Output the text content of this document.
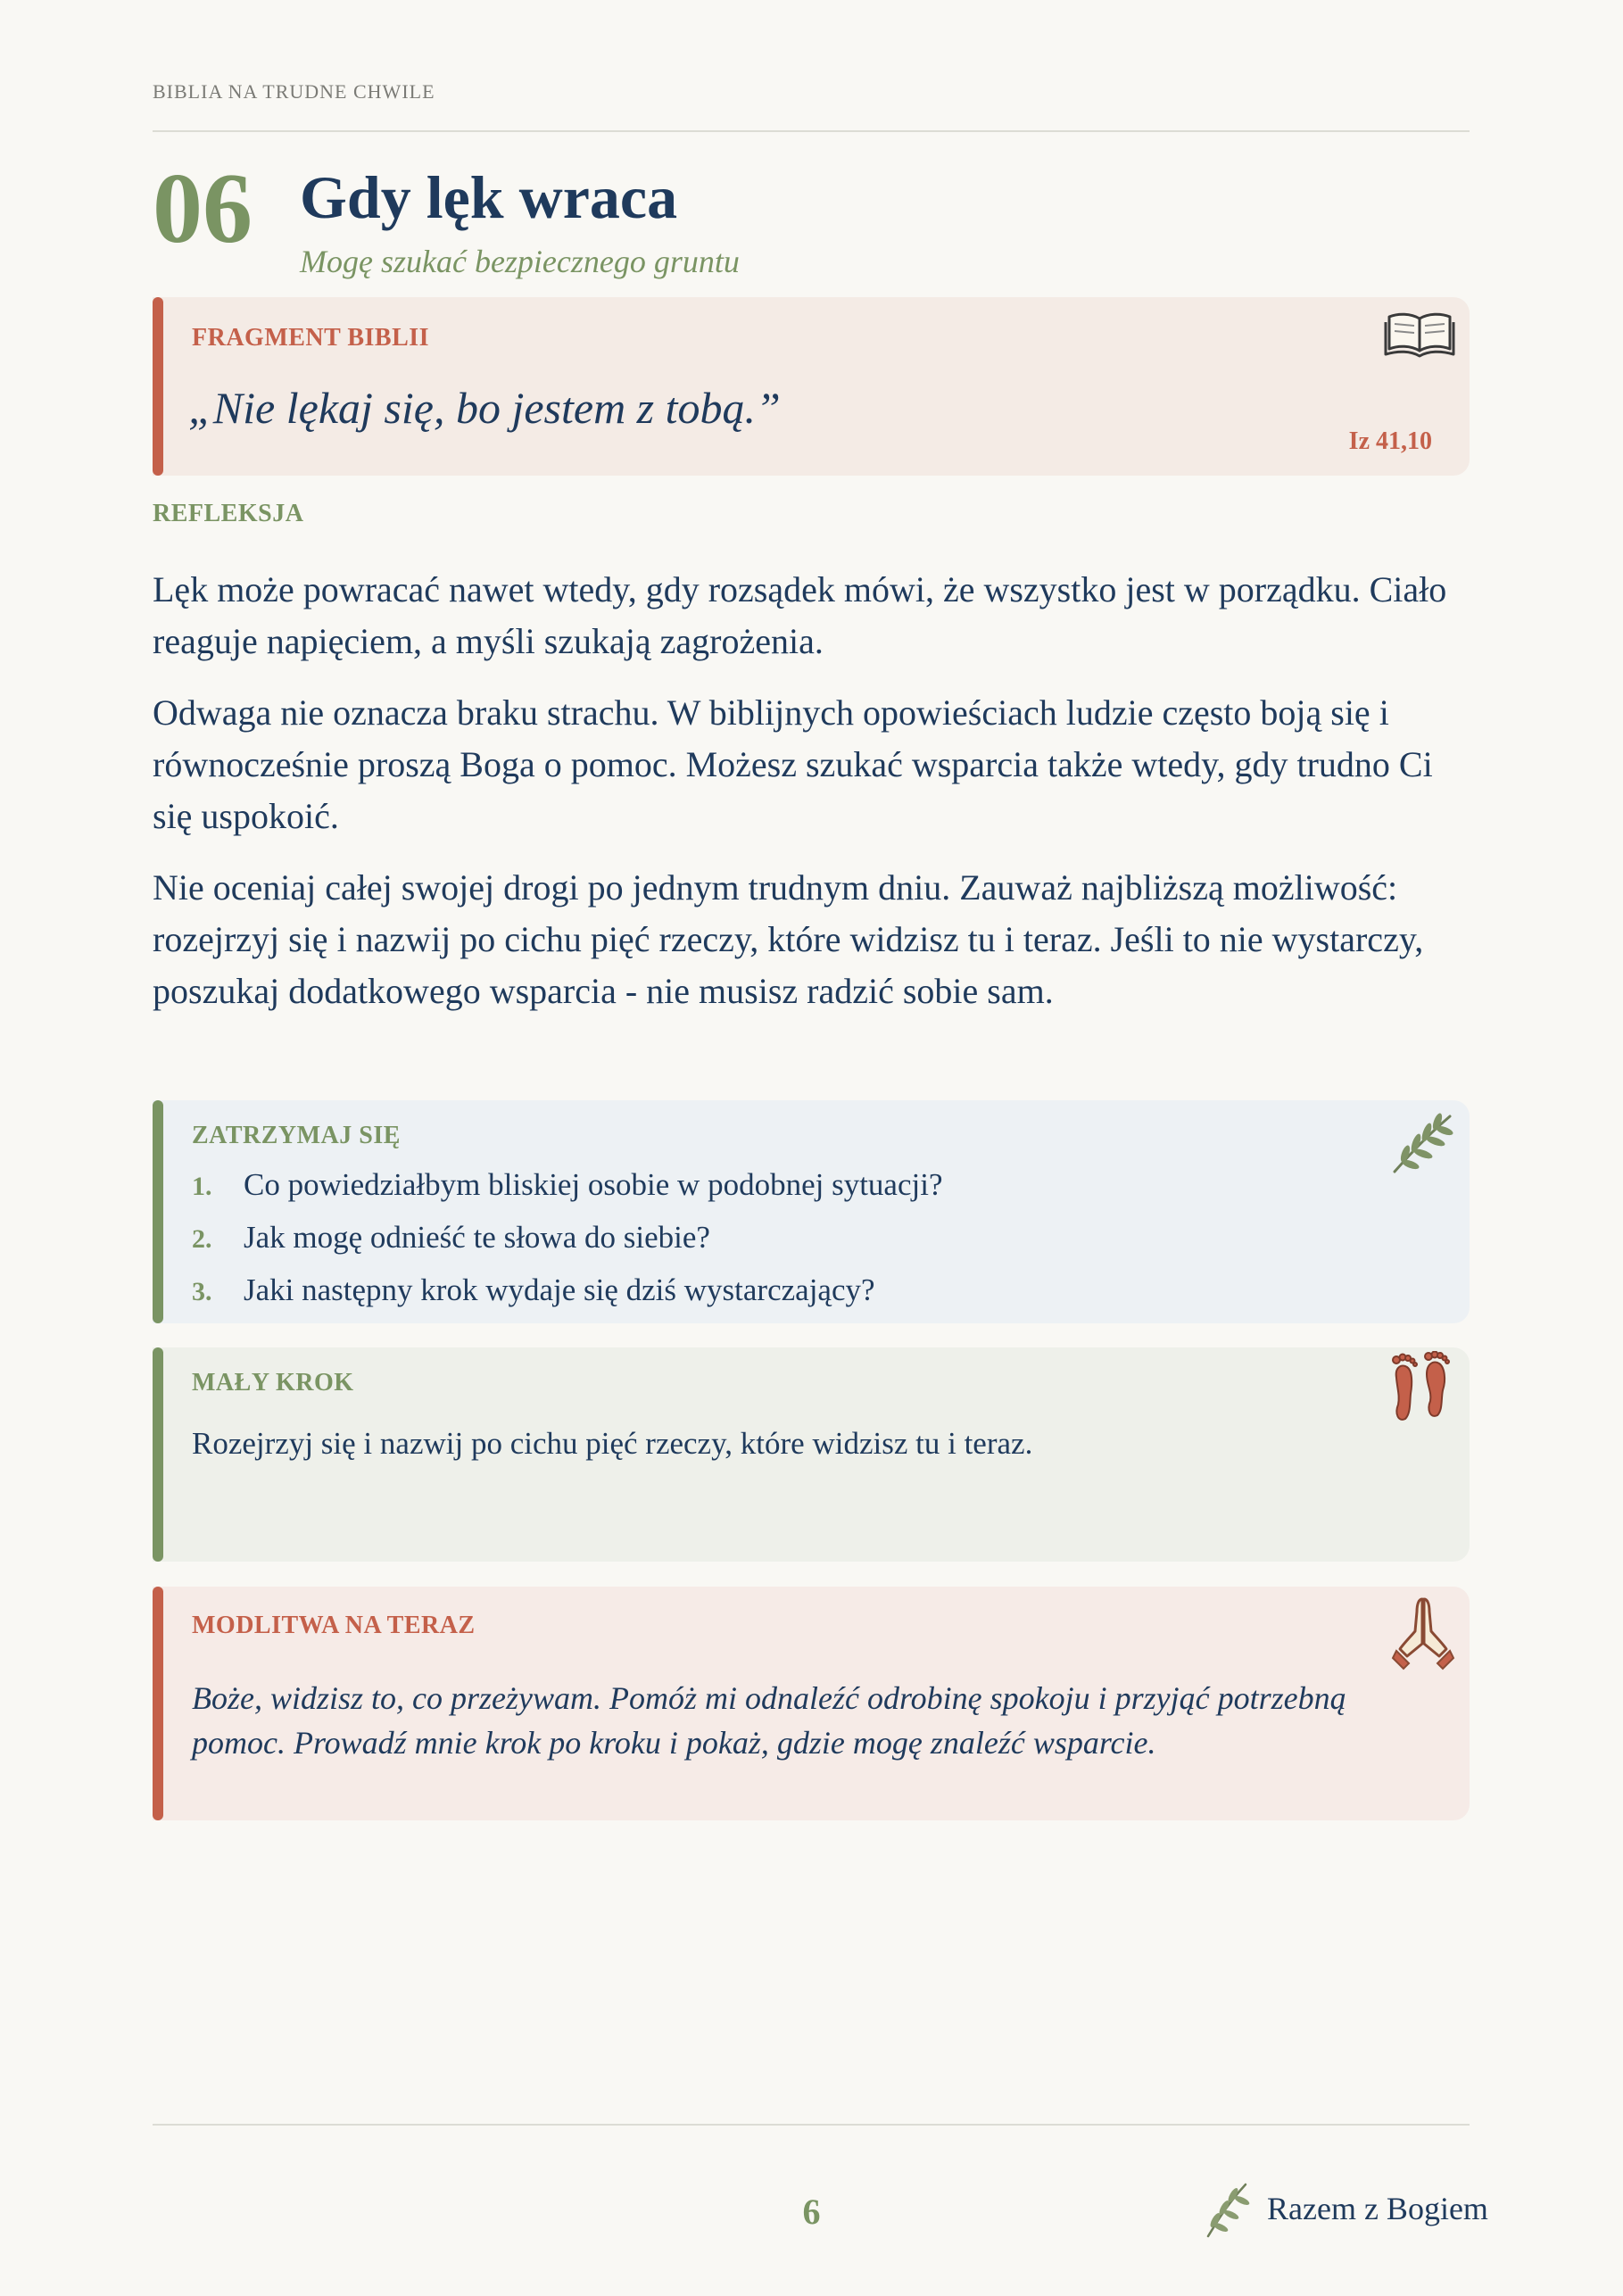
BIBLIA NA TRUDNE CHWILE
06 Gdy lęk wraca
Mogę szukać bezpiecznego gruntu
FRAGMENT BIBLII
„Nie lękaj się, bo jestem z tobą.”
Iz 41,10
REFLEKSJA

Lęk może powracać nawet wtedy, gdy rozsądek mówi, że wszystko jest w porządku. Ciało reaguje napięciem, a myśli szukają zagrożenia.

Odwaga nie oznacza braku strachu. W biblijnych opowieściach ludzie często boją się i równocześnie proszą Boga o pomoc. Możesz szukać wsparcia także wtedy, gdy trudno Ci się uspokoić.

Nie oceniaj całej swojej drogi po jednym trudnym dniu. Zauważ najbliższą możliwość: rozejrzyj się i nazwij po cichu pięć rzeczy, które widzisz tu i teraz. Jeśli to nie wystarczy, poszukaj dodatkowego wsparcia - nie musisz radzić sobie sam.

ZATRZYMAJ SIĘ
1. Co powiedziałbym bliskiej osobie w podobnej sytuacji?
2. Jak mogę odnieść te słowa do siebie?
3. Jaki następny krok wydaje się dziś wystarczający?
MAŁY KROK
Rozejrzyj się i nazwij po cichu pięć rzeczy, które widzisz tu i teraz.
MODLITWA NA TERAZ
Boże, widzisz to, co przeżywam. Pomóż mi odnaleźć odrobinę spokoju i przyjąć potrzebną pomoc. Prowadź mnie krok po kroku i pokaż, gdzie mogę znaleźć wsparcie.
6	Razem z Bogiem
